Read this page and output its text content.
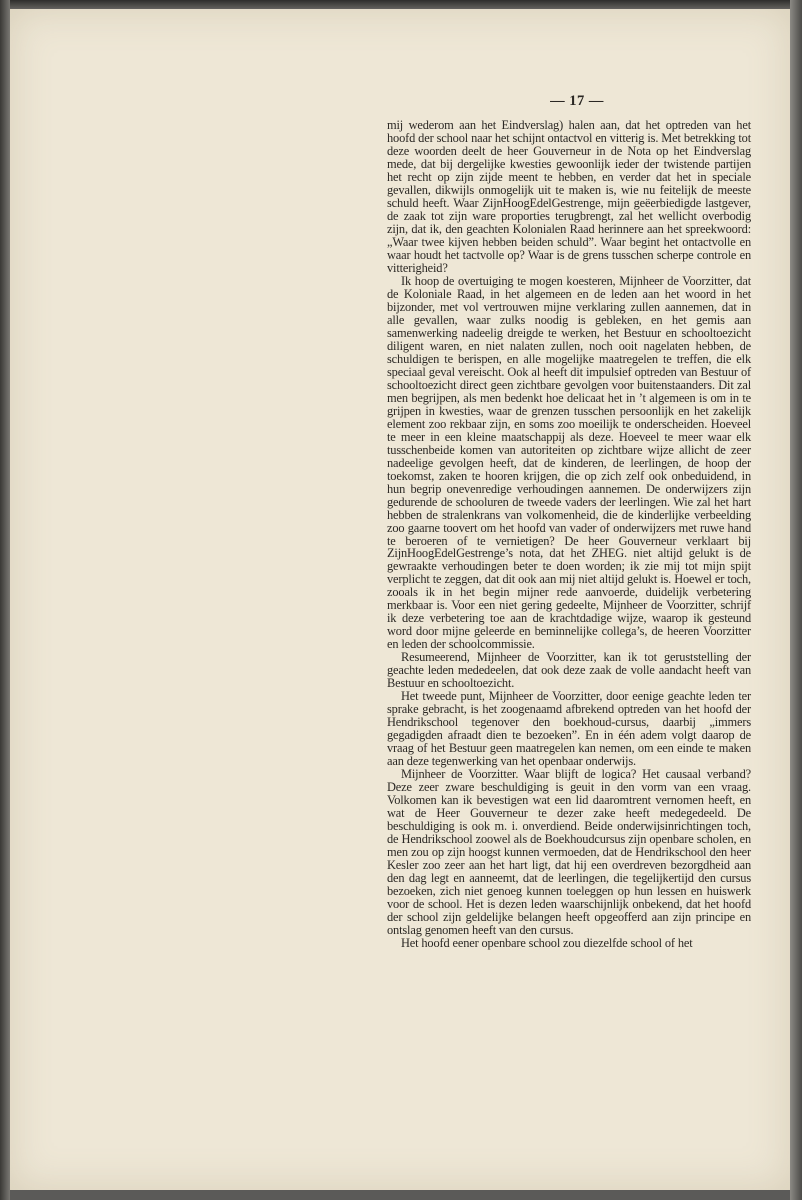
— 17 —

mij wederom aan het Eindverslag) halen aan, dat het optreden van het hoofd der school naar het schijnt ontactvol en vitterig is. Met betrekking tot deze woorden deelt de heer Gouverneur in de Nota op het Eindverslag mede, dat bij dergelijke kwesties gewoonlijk ieder der twistende partijen het recht op zijn zijde meent te hebben, en verder dat het in speciale gevallen, dikwijls onmogelijk uit te maken is, wie nu feitelijk de meeste schuld heeft. Waar ZijnHoogEdelGestrenge, mijn geëerbiedigde lastgever, de zaak tot zijn ware proporties terugbrengt, zal het wellicht overbodig zijn, dat ik, den geachten Kolonialen Raad herinnere aan het spreekwoord: „Waar twee kijven hebben beiden schuld”. Waar begint het ontactvolle en waar houdt het tactvolle op? Waar is de grens tusschen scherpe controle en vitterigheid?

Ik hoop de overtuiging te mogen koesteren, Mijnheer de Voorzitter, dat de Koloniale Raad, in het algemeen en de leden aan het woord in het bijzonder, met vol vertrouwen mijne verklaring zullen aannemen, dat in alle gevallen, waar zulks noodig is gebleken, en het gemis aan samenwerking nadeelig dreigde te werken, het Bestuur en schooltoezicht diligent waren, en niet nalaten zullen, noch ooit nagelaten hebben, de schuldigen te berispen, en alle mogelijke maatregelen te treffen, die elk speciaal geval vereischt. Ook al heeft dit impulsief optreden van Bestuur of schooltoezicht direct geen zichtbare gevolgen voor buitenstaanders. Dit zal men begrijpen, als men bedenkt hoe delicaat het in ’t algemeen is om in te grijpen in kwesties, waar de grenzen tusschen persoonlijk en het zakelijk element zoo rekbaar zijn, en soms zoo moeilijk te onderscheiden. Hoeveel te meer in een kleine maatschappij als deze. Hoeveel te meer waar elk tusschenbeide komen van autoriteiten op zichtbare wijze allicht de zeer nadeelige gevolgen heeft, dat de kinderen, de leerlingen, de hoop der toekomst, zaken te hooren krijgen, die op zich zelf ook onbeduidend, in hun begrip onevenredige verhoudingen aannemen. De onderwijzers zijn gedurende de schooluren de tweede vaders der leerlingen. Wie zal het hart hebben de stralenkrans van volkomenheid, die de kinderlijke verbeelding zoo gaarne toovert om het hoofd van vader of onderwijzers met ruwe hand te beroeren of te vernietigen? De heer Gouverneur verklaart bij ZijnHoogEdelGestrenge’s nota, dat het ZHEG. niet altijd gelukt is de gewraakte verhoudingen beter te doen worden; ik zie mij tot mijn spijt verplicht te zeggen, dat dit ook aan mij niet altijd gelukt is. Hoewel er toch, zooals ik in het begin mijner rede aanvoerde, duidelijk verbetering merkbaar is. Voor een niet gering gedeelte, Mijnheer de Voorzitter, schrijf ik deze verbetering toe aan de krachtdadige wijze, waarop ik gesteund word door mijne geleerde en beminnelijke collega’s, de heeren Voorzitter en leden der schoolcommissie.

Resumeerend, Mijnheer de Voorzitter, kan ik tot geruststelling der geachte leden mededeelen, dat ook deze zaak de volle aandacht heeft van Bestuur en schooltoezicht.

Het tweede punt, Mijnheer de Voorzitter, door eenige geachte leden ter sprake gebracht, is het zoogenaamd afbrekend optreden van het hoofd der Hendrikschool tegenover den boekhoud-cursus, daarbij „immers gegadigden afraadt dien te bezoeken”. En in één adem volgt daarop de vraag of het Bestuur geen maatregelen kan nemen, om een einde te maken aan deze tegenwerking van het openbaar onderwijs.

Mijnheer de Voorzitter. Waar blijft de logica? Het causaal verband? Deze zeer zware beschuldiging is geuit in den vorm van een vraag. Volkomen kan ik bevestigen wat een lid daaromtrent vernomen heeft, en wat de Heer Gouverneur te dezer zake heeft medegedeeld. De beschuldiging is ook m. i. onverdiend. Beide onderwijsinrichtingen toch, de Hendrikschool zoowel als de Boekhoudcursus zijn openbare scholen, en men zou op zijn hoogst kunnen vermoeden, dat de Hendrikschool den heer Kesler zoo zeer aan het hart ligt, dat hij een overdreven bezorgdheid aan den dag legt en aanneemt, dat de leerlingen, die tegelijkertijd den cursus bezoeken, zich niet genoeg kunnen toeleggen op hun lessen en huiswerk voor de school. Het is dezen leden waarschijnlijk onbekend, dat het hoofd der school zijn geldelijke belangen heeft opgeofferd aan zijn principe en ontslag genomen heeft van den cursus.

Het hoofd eener openbare school zou diezelfde school of het
